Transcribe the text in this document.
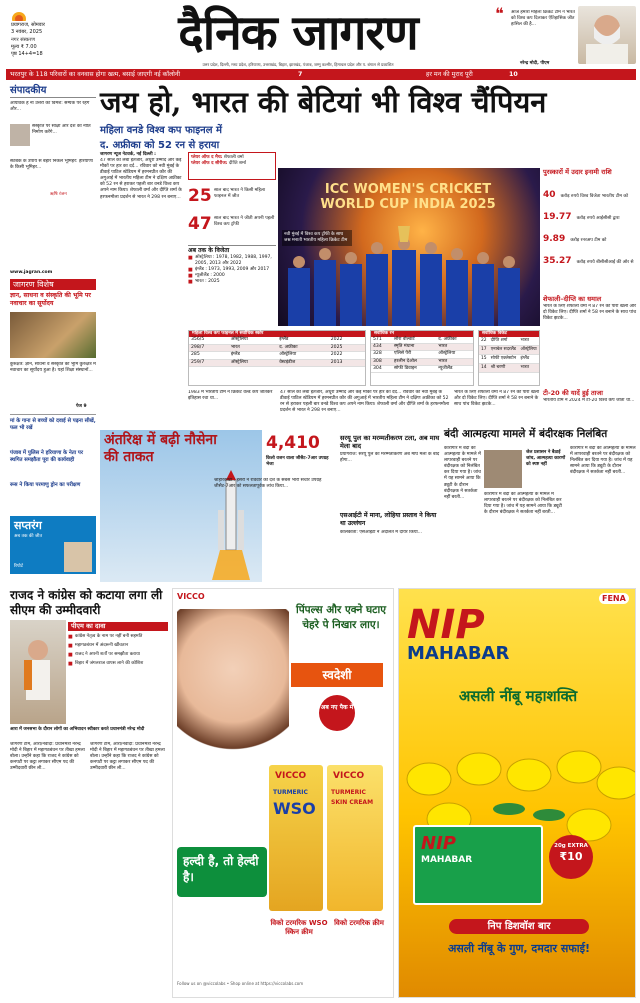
प्रयागराज, सोमवार
3 नवंबर, 2025
नगर संस्करण
मूल्य ₹ 7.00
पृष्ठ 14+4=18	दैनिक जागरण
उत्तर प्रदेश, दिल्ली, मध्य प्रदेश, हरियाणा, उत्तराखंड, बिहार, झारखंड, पंजाब, जम्मू कश्मीर, हिमाचल प्रदेश और प. बंगाल से प्रकाशित
❝ आज हमारी महिला क्रिकेट टीम ने भारत को विश्व कप दिलाकर ऐतिहासिक जीत हासिल की है...
नरेन्द्र मोदी, पीएम
भरतपुर के 118 परिवारों का वनवास होगा खत्म, बसाई जाएगी नई कॉलोनी	7	हर मन की मुराद पूरी	10
संपादकीय
आयावक है ना उत्तरों का विमर्श: सम्यक पर रहेंगे और...
संस्कृति पर साक्षी और देश को नीति निर्माण करेंगे...
सेटेबैक के उपाय से बहार निकले भूमिहर: हरियाणा के किसी भूमिहर...
ऋषि रंजन
www.jagran.com
जागरण विशेष
ज्ञान, साधना व संस्कृति की भूमि पर नवाचार का सूर्योदय
कुरुक्षेत्र: ज्ञान, साधना व संस्कृति की भूमि कुरुक्षेत्र में नवाचार का सूर्योदय हुआ है। यहां शिक्षा संस्थानों...
पेज 9
मां के गाना से बच्चों को दवाई से पढ़ना सीखें, फल भी रखें
पंजाब में पुलिस ने हरियाणा के नेता पर स्थगित समझौता पूरा की कार्यवाही
रूस ने किया परमाणु ड्रोन का परीक्षण
सप्तरंग
अब तक की जीत
रिपोर्ट
जय हो, भारत की बेटियां भी विश्व चैंपियन
महिला वनडे विश्व कप फाइनल में
द. अफ्रीका को 52 रन से हराया
जागरण न्यूज नेटवर्क, नई दिल्ली :
47 साल का लंबा इंतजार, अधूरी उम्मीदें और कई मौकों पर हार का दर्द... रविवार को नवी मुंबई के डीवाई पाटिल स्टेडियम में हरमनप्रीत कौर की अगुआई में भारतीय महिला टीम ने दक्षिण अफ्रीका को 52 रन से हराकर पहली बार वनडे विश्व कप अपने नाम किया। शेफाली वर्मा और दीप्ति शर्मा के हरफनमौला प्रदर्शन से भारत ने 298 रन बनाए...
प्लेयर ऑफ द मैच: शेफाली वर्मा
प्लेयर ऑफ द सीरीज: दीप्ति शर्मा
25 साल बाद भारत ने किसी महिला फाइनल में जीत
47 साल बाद भारत ने जीती अपनी पहली विश्व कप ट्रॉफी
अब तक के विजेता
■ ऑस्ट्रेलिया : 1978, 1982, 1988, 1997, 2005, 2013 और 2022
■ इंग्लैंड : 1973, 1993, 2009 और 2017
■ न्यूजीलैंड : 2000
■ भारत : 2025
ICC WOMEN'S CRICKET WORLD CUP INDIA 2025
नवी मुंबई में विश्व कप ट्रॉफी के साथ जश्न मनाती भारतीय महिला क्रिकेट टीम
पुरस्कारों में उदार इनामी राशि
40 करोड़ रुपये विश्व विजेता भारतीय टीम को
19.77 करोड़ रुपये आईसीसी द्वारा
9.89 करोड़ रनरअप टीम को
35.27 करोड़ रुपये बीसीसीआई की ओर से
शेफाली–दीप्ति का धमाल
भारत के लिए शेफाली वर्मा ने 87 रन की पारी खेली और दो विकेट लिए। दीप्ति शर्मा ने 58 रन बनाने के साथ पांच विकेट झटके...
टी-20 की यादें हुई ताजा
भारतीय टीम ने 2024 में टी-20 विश्व कप जीता था...
महिला विश्व कप फाइनल में सर्वाधिक स्कोर
356/5	ऑस्ट्रेलिया	इंग्लैंड	2022
298/7	भारत	द. अफ्रीका	2025
285	इंग्लैंड	ऑस्ट्रेलिया	2022
259/7	ऑस्ट्रेलिया	वेस्टइंडीज	2013
सर्वाधिक रन
571	लौरा वोल्वार्ट	द. अफ्रीका
434	स्मृति मंधाना	भारत
328	एलिसे पैरी	ऑस्ट्रेलिया
308	हरलीन देओल	भारत
304	सोफी डिवाइन	न्यूजीलैंड
सर्वाधिक विकेट
22	दीप्ति शर्मा	भारत
17	एनाबेल सदरलैंड	ऑस्ट्रेलिया
15	सोफी एक्लेस्टोन	इंग्लैंड
14	श्री चरणी	भारत
1983 में भारतीय टीम ने क्रिकेट वर्ल्ड कप जीतकर इतिहास रचा था...
47 साल का लंबा इंतजार, अधूरी उम्मीदें और कई मौकों पर हार का दर्द... रविवार को नवी मुंबई के डीवाई पाटिल स्टेडियम में हरमनप्रीत कौर की अगुआई में भारतीय महिला टीम ने दक्षिण अफ्रीका को 52 रन से हराकर पहली बार वनडे विश्व कप अपने नाम किया। शेफाली वर्मा और दीप्ति शर्मा के हरफनमौला प्रदर्शन से भारत ने 298 रन बनाए...
भारत के लिए शेफाली वर्मा ने 87 रन की पारी खेली और दो विकेट लिए। दीप्ति शर्मा ने 58 रन बनाने के साथ पांच विकेट झटके...
अंतरिक्ष में बढ़ी नौसेना की ताकत
4,410
किलो वजन वाला जीसैट-7आर उपग्रह भेजा
श्रीहरिकोटा : इसरो ने रविवार को देश के सबसे भारी संचार उपग्रह जीसैट-7आर को सफलतापूर्वक लांच किया...
सरयू पुल का मरम्मतीकरण टला, अब माघ मेला बाद
प्रयागराज: सरयू पुल का मरम्मतीकरण अब माघ मेला के बाद होगा...
एसआईटी में माना, लोहिया प्रस्ताव ने किया था उल्लंघन
कोलकाता: एसआईटी ने अदालत में दायर किया...
बंदी आत्महत्या मामले में बंदीरक्षक निलंबित
कारागार में बंदी की आत्महत्या के मामले में लापरवाही बरतने पर बंदीरक्षक को निलंबित कर दिया गया है। जांच में यह सामने आया कि ड्यूटी के दौरान बंदीरक्षक ने सतर्कता नहीं बरती...
जेल प्रशासन ने बैठाई जांच, आत्महत्या कारणों को स्पष्ट नहीं
कारागार में बंदी की आत्महत्या के मामले में लापरवाही बरतने पर बंदीरक्षक को निलंबित कर दिया गया है। जांच में यह सामने आया कि ड्यूटी के दौरान बंदीरक्षक ने सतर्कता नहीं बरती...
कारागार में बंदी की आत्महत्या के मामले में लापरवाही बरतने पर बंदीरक्षक को निलंबित कर दिया गया है। जांच में यह सामने आया कि ड्यूटी के दौरान बंदीरक्षक ने सतर्कता नहीं बरती...
राजद ने कांग्रेस को कटाया लगा ली सीएम की उम्मीदवारी
पीएम का दावा
■ कांग्रेस नेतृत्व के नाम पर नहीं बनी सहमति
■ महागठबंधन में अंदरूनी खींचतान
■ राजद ने अपनी शर्तों पर समझौता कराया
■ बिहार में जंगलराज वापस लाने की कोशिश
आरा में जनसभा के दौरान लोगों का अभिवादन स्वीकार करते प्रधानमंत्री नरेन्द्र मोदी
जागरण टीम, आरा/नवादा: प्रधानमंत्री नरेन्द्र मोदी ने बिहार में महागठबंधन पर तीखा हमला बोला। उन्होंने कहा कि राजद ने कांग्रेस को कनपटी पर कट्टा लगाकर सीएम पद की उम्मीदवारी छीन ली...
जागरण टीम, आरा/नवादा: प्रधानमंत्री नरेन्द्र मोदी ने बिहार में महागठबंधन पर तीखा हमला बोला। उन्होंने कहा कि राजद ने कांग्रेस को कनपटी पर कट्टा लगाकर सीएम पद की उम्मीदवारी छीन ली...
VICCO
पिंपल्स और एक्ने घटाए चेहरे पे निखार लाए।
स्वदेशी
अब नए पैक में
VICCO
TURMERIC
WSO
VICCO
TURMERIC
SKIN CREAM
हल्दी है, तो हेल्दी है।
विको टरमरिक WSO स्किन क्रीम
विको टरमरिक क्रीम
Follow us on @viccolabs • Shop online at https://viccolabs.com
FENA
NIP
MAHABAR
असली नींबू महाशक्ति
NIP
MAHABAR
20g EXTRA
₹10
निप डिशवॉश बार
असली नींबू के गुण, दमदार सफाई!
